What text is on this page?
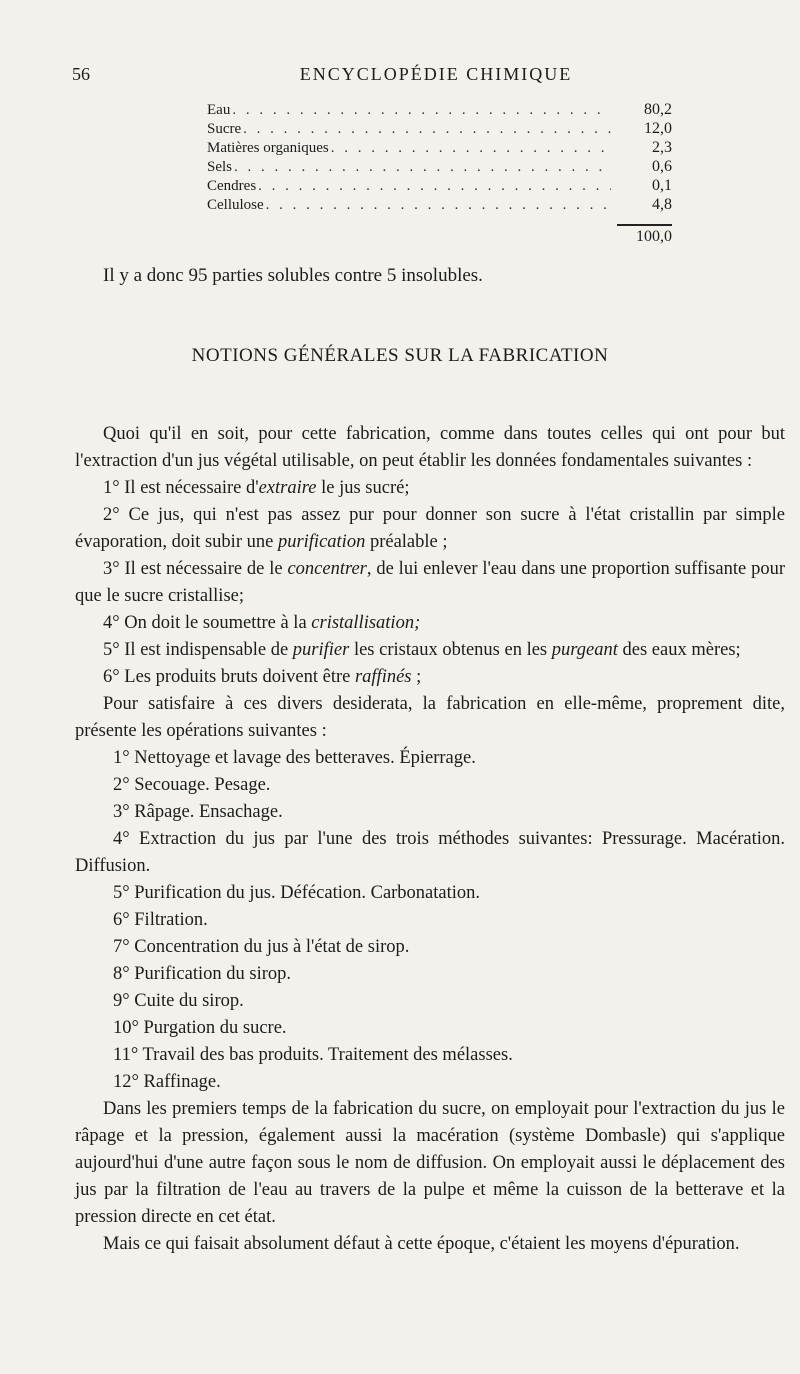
56	ENCYCLOPÉDIE CHIMIQUE
Eau . . .	80,2
Sucre . . .	12,0
Matières organiques . . .	2,3
Sels . . .	0,6
Cendres . . .	0,1
Cellulose . . .	4,8
100,0
Il y a donc 95 parties solubles contre 5 insolubles.
NOTIONS GÉNÉRALES SUR LA FABRICATION

Quoi qu'il en soit, pour cette fabrication, comme dans toutes celles qui ont pour but l'extraction d'un jus végétal utilisable, on peut établir les données fondamentales suivantes :

1° Il est nécessaire d'extraire le jus sucré;

2° Ce jus, qui n'est pas assez pur pour donner son sucre à l'état cristallin par simple évaporation, doit subir une purification préalable ;

3° Il est nécessaire de le concentrer, de lui enlever l'eau dans une proportion suffisante pour que le sucre cristallise;

4° On doit le soumettre à la cristallisation;

5° Il est indispensable de purifier les cristaux obtenus en les purgeant des eaux mères;

6° Les produits bruts doivent être raffinés ;

Pour satisfaire à ces divers desiderata, la fabrication en elle-même, proprement dite, présente les opérations suivantes :

1° Nettoyage et lavage des betteraves. Épierrage.

2° Secouage. Pesage.

3° Râpage. Ensachage.

4° Extraction du jus par l'une des trois méthodes suivantes: Pressurage. Macération. Diffusion.

5° Purification du jus. Défécation. Carbonatation.

6° Filtration.

7° Concentration du jus à l'état de sirop.

8° Purification du sirop.

9° Cuite du sirop.

10° Purgation du sucre.

11° Travail des bas produits. Traitement des mélasses.

12° Raffinage.

Dans les premiers temps de la fabrication du sucre, on employait pour l'extraction du jus le râpage et la pression, également aussi la macération (système Dombasle) qui s'applique aujourd'hui d'une autre façon sous le nom de diffusion. On employait aussi le déplacement des jus par la filtration de l'eau au travers de la pulpe et même la cuisson de la betterave et la pression directe en cet état.

Mais ce qui faisait absolument défaut à cette époque, c'étaient les moyens d'épuration.
